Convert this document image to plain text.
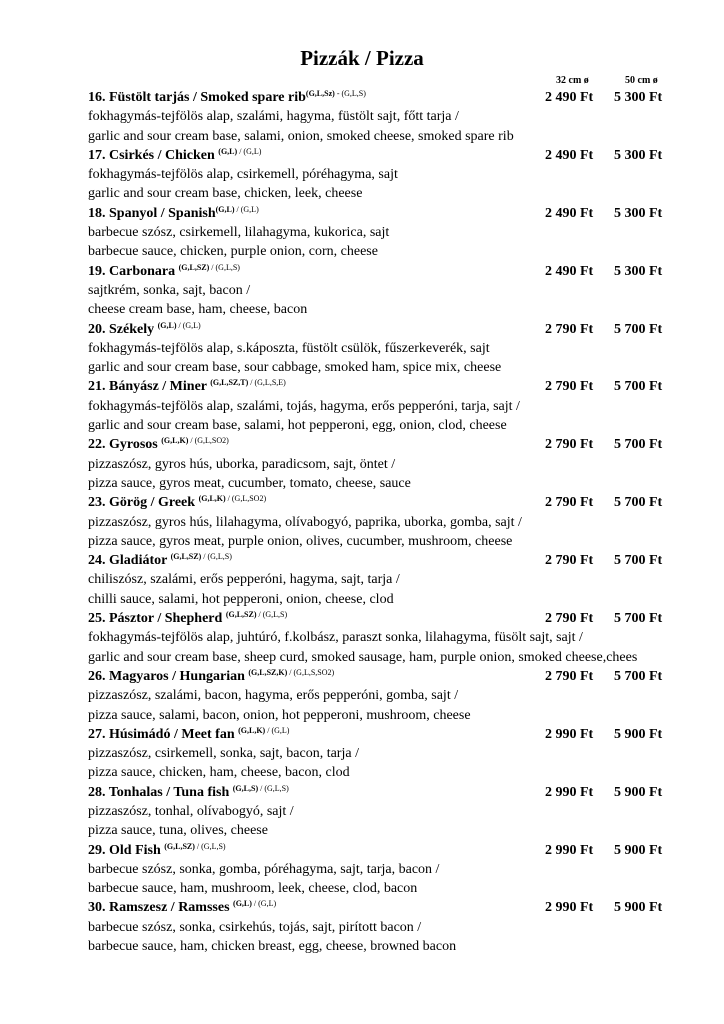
Pizzák / Pizza
32 cm ø	50 cm ø
16. Füstölt tarjás / Smoked spare rib$^{(G,L,Sz)}$ $^{- (G,L,S)}$	2 490 Ft 5 300 Ft
fokhagymás-tejfölös alap, szalámi, hagyma, füstölt sajt, főtt tarja /
garlic and sour cream base, salami, onion, smoked cheese, smoked spare rib
17. Csirkés / Chicken $^{(G,L)}$ $^{/ (G,L)}$	2 490 Ft 5 300 Ft
fokhagymás-tejfölös alap, csirkemell, póréhagyma, sajt
garlic and sour cream base, chicken, leek, cheese
18. Spanyol / Spanish$^{(G,L)}$ $^{/ (G,L)}$	2 490 Ft 5 300 Ft
barbecue szósz, csirkemell, lilahagyma, kukorica, sajt
barbecue sauce, chicken, purple onion, corn, cheese
19. Carbonara $^{(G,L,SZ)}$ $^{/ (G,L,S)}$	2 490 Ft 5 300 Ft
sajtkrém, sonka, sajt, bacon /
cheese cream base, ham, cheese, bacon
20. Székely $^{(G,L)}$ $^{/ (G,L)}$	2 790 Ft 5 700 Ft
fokhagymás-tejfölös alap, s.káposzta, füstölt csülök, fűszerkeverék, sajt
garlic and sour cream base, sour cabbage, smoked ham, spice mix, cheese
21. Bányász / Miner $^{(G,L,SZ,T)}$ $^{/ (G,L,S,E)}$	2 790 Ft 5 700 Ft
fokhagymás-tejfölös alap, szalámi, tojás, hagyma, erős pepperóni, tarja, sajt /
garlic and sour cream base, salami, hot pepperoni, egg, onion, clod, cheese
22. Gyrosos $^{(G,L,K)}$ $^{/ (G,L,SO2)}$	2 790 Ft 5 700 Ft
pizzaszósz, gyros hús, uborka, paradicsom, sajt, öntet /
pizza sauce, gyros meat, cucumber, tomato, cheese, sauce
23. Görög / Greek $^{(G,L,K)}$ $^{/ (G,L,SO2)}$	2 790 Ft 5 700 Ft
pizzaszósz, gyros hús, lilahagyma, olívabogyó, paprika, uborka, gomba, sajt /
pizza sauce, gyros meat, purple onion, olives, cucumber, mushroom, cheese
24. Gladiátor $^{(G,L,SZ)}$ $^{/ (G,L,S)}$	2 790 Ft 5 700 Ft
chiliszósz, szalámi, erős pepperóni, hagyma, sajt, tarja /
chilli sauce, salami, hot pepperoni, onion, cheese, clod
25. Pásztor / Shepherd $^{(G,L,SZ)}$ $^{/ (G,L,S)}$	2 790 Ft 5 700 Ft
fokhagymás-tejfölös alap, juhtúró, f.kolbász, paraszt sonka, lilahagyma, füsölt sajt, sajt /
garlic and sour cream base, sheep curd, smoked sausage, ham, purple onion, smoked cheese,chees
26. Magyaros / Hungarian $^{(G,L,SZ,K)}$ $^{/ (G,L,S,SO2)}$	2 790 Ft 5 700 Ft
pizzaszósz, szalámi, bacon, hagyma, erős pepperóni, gomba, sajt /
pizza sauce, salami, bacon, onion, hot pepperoni, mushroom, cheese
27. Húsimádó / Meet fan $^{(G,L,K)}$ $^{/ (G,L)}$	2 990 Ft 5 900 Ft
pizzaszósz, csirkemell, sonka, sajt, bacon, tarja /
pizza sauce, chicken, ham, cheese, bacon, clod
28. Tonhalas / Tuna fish $^{(G,L,S)}$ $^{/ (G,L,S)}$	2 990 Ft 5 900 Ft
pizzaszósz, tonhal, olívabogyó, sajt /
pizza sauce, tuna, olives, cheese
29. Old Fish $^{(G,L,SZ)}$ $^{/ (G,L,S)}$	2 990 Ft 5 900 Ft
barbecue szósz, sonka, gomba, póréhagyma, sajt, tarja, bacon /
barbecue sauce, ham, mushroom, leek, cheese, clod, bacon
30. Ramszesz / Ramsses $^{(G,L)}$ $^{/ (G,L)}$	2 990 Ft 5 900 Ft
barbecue szósz, sonka, csirkehús, tojás, sajt, pirított bacon /
barbecue sauce, ham, chicken breast, egg, cheese, browned bacon
